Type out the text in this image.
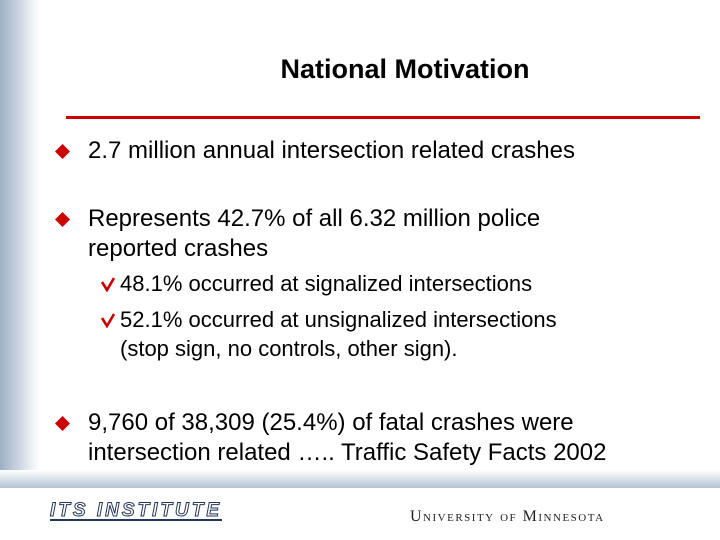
National Motivation
2.7 million annual intersection related crashes
Represents 42.7% of all 6.32 million police
reported crashes
48.1% occurred at signalized intersections
52.1% occurred at unsignalized intersections
(stop sign, no controls, other sign).
9,760 of 38,309 (25.4%) of fatal crashes were
intersection related ….. Traffic Safety Facts 2002
ITS INSTITUTE	University of Minnesota
